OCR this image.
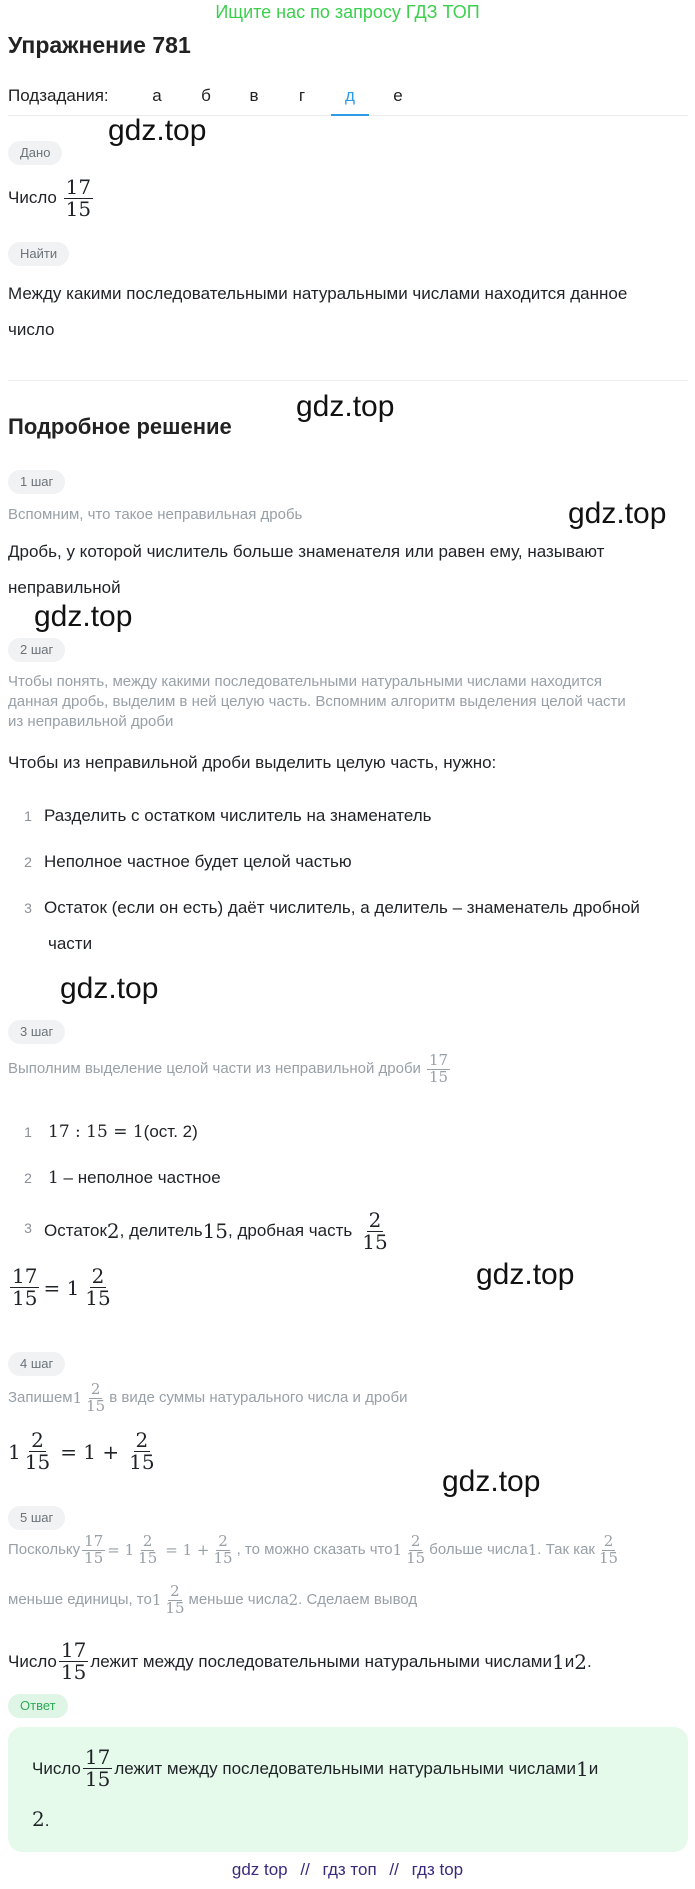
Ищите нас по запросу ГДЗ ТОП
Упражнение 781
Подзадания:	а	б	в	г	д	е
gdz.top
gdz.top
gdz.top
gdz.top
gdz.top
gdz.top
gdz.top
Дано
Число $\frac{17}{15}$
Найти
Между какими последовательными натуральными числами находится данное
число
Подробное решение
1 шаг
Вспомним, что такое неправильная дробь
Дробь, у которой числитель больше знаменателя или равен ему, называют
неправильной
2 шаг
Чтобы понять, между какими последовательными натуральными числами находится
данная дробь, выделим в ней целую часть. Вспомним алгоритм выделения целой части
из неправильной дроби
Чтобы из неправильной дроби выделить целую часть, нужно:
1 Разделить с остатком числитель на знаменатель
2 Неполное частное будет целой частью
3 Остаток (если он есть) даёт числитель, а делитель – знаменатель дробной
части
3 шаг
Выполним выделение целой части из неправильной дроби $\frac{17}{15}$
1 17 : 15 = 1(ост. 2)
2 1 – неполное частное
3 Остаток 2 , делитель 15 , дробная часть $\frac{2}{15}$
$\frac{17}{15} = 1 \frac{2}{15}$
4 шаг
Запишем $1 \frac{2}{15}$ в виде суммы натурального числа и дроби
$1 \frac{2}{15} = 1 + \frac{2}{15}$
5 шаг
Поскольку $\frac{17}{15} = 1 \frac{2}{15} = 1 + \frac{2}{15}$ , то можно сказать что $1 \frac{2}{15}$ больше числа 1 . Так как $\frac{2}{15}$
меньше единицы, то $1 \frac{2}{15}$ меньше числа 2 . Сделаем вывод
Число $\frac{17}{15}$ лежит между последовательными натуральными числами 1 и 2 .
Ответ
Число $\frac{17}{15}$ лежит между последовательными натуральными числами 1 и
2.
gdz top // гдз топ // гдз top
